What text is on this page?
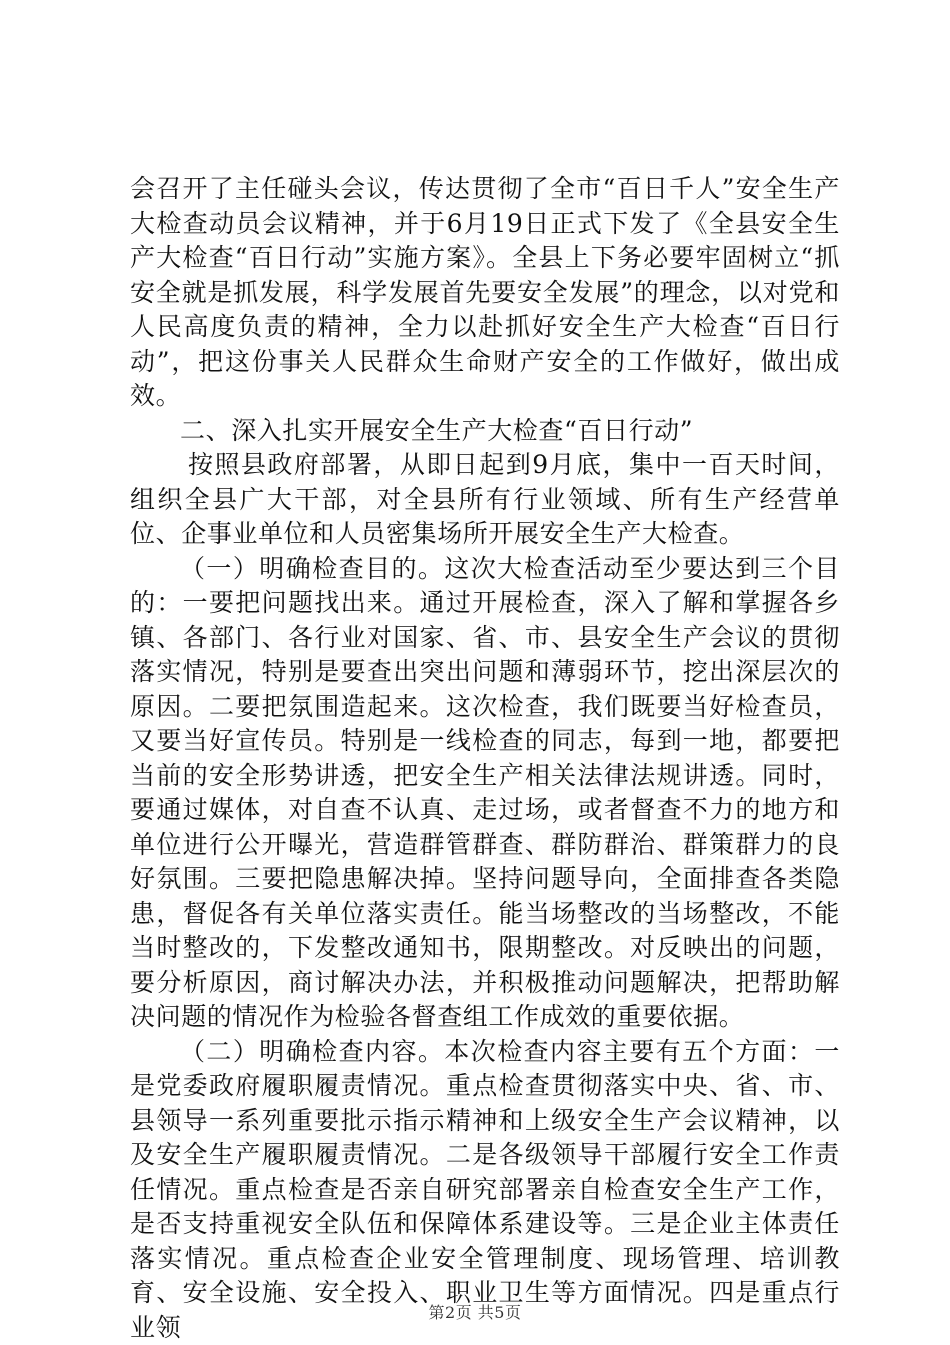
会召开了主任碰头会议，传达贯彻了全市“百日千人”安全生产大检查动员会议精神，并于6月19日正式下发了《全县安全生产大检查“百日行动”实施方案》。全县上下务必要牢固树立“抓安全就是抓发展，科学发展首先要安全发展”的理念，以对党和人民高度负责的精神，全力以赴抓好安全生产大检查“百日行动”，把这份事关人民群众生命财产安全的工作做好，做出成效。

二、深入扎实开展安全生产大检查“百日行动”

按照县政府部署，从即日起到9月底，集中一百天时间，组织全县广大干部，对全县所有行业领域、所有生产经营单位、企事业单位和人员密集场所开展安全生产大检查。

（一）明确检查目的。这次大检查活动至少要达到三个目的：一要把问题找出来。通过开展检查，深入了解和掌握各乡镇、各部门、各行业对国家、省、市、县安全生产会议的贯彻落实情况，特别是要查出突出问题和薄弱环节，挖出深层次的原因。二要把氛围造起来。这次检查，我们既要当好检查员，又要当好宣传员。特别是一线检查的同志，每到一地，都要把当前的安全形势讲透，把安全生产相关法律法规讲透。同时，要通过媒体，对自查不认真、走过场，或者督查不力的地方和单位进行公开曝光，营造群管群查、群防群治、群策群力的良好氛围。三要把隐患解决掉。坚持问题导向，全面排查各类隐患，督促各有关单位落实责任。能当场整改的当场整改，不能当时整改的，下发整改通知书，限期整改。对反映出的问题，要分析原因，商讨解决办法，并积极推动问题解决，把帮助解决问题的情况作为检验各督查组工作成效的重要依据。

（二）明确检查内容。本次检查内容主要有五个方面：一是党委政府履职履责情况。重点检查贯彻落实中央、省、市、县领导一系列重要批示指示精神和上级安全生产会议精神，以及安全生产履职履责情况。二是各级领导干部履行安全工作责任情况。重点检查是否亲自研究部署亲自检查安全生产工作，是否支持重视安全队伍和保障体系建设等。三是企业主体责任落实情况。重点检查企业安全管理制度、现场管理、培训教育、安全设施、安全投入、职业卫生等方面情况。四是重点行业领	第2页 共5页
